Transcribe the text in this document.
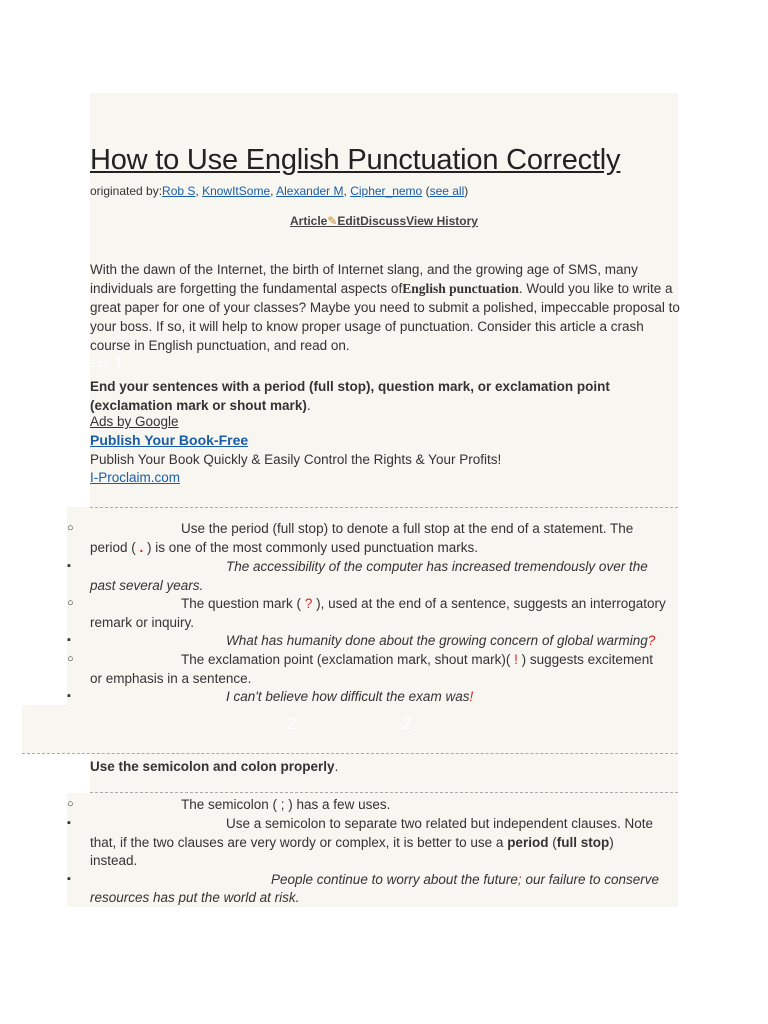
How to Use English Punctuation Correctly
originated by:Rob S, KnowItSome, Alexander M, Cipher_nemo (see all)
Article✎EditDiscussView History
With the dawn of the Internet, the birth of Internet slang, and the growing age of SMS, many individuals are forgetting the fundamental aspects ofEnglish punctuation. Would you like to write a great paper for one of your classes? Maybe you need to submit a polished, impeccable proposal to your boss. If so, it will help to know proper usage of punctuation. Consider this article a crash course in English punctuation, and read on.
Edit 1
End your sentences with a period (full stop), question mark, or exclamation point (exclamation mark or shout mark).
Ads by Google
Publish Your Book-Free
Publish Your Book Quickly & Easily Control the Rights & Your Profits!
I-Proclaim.com
○	Use the period (full stop) to denote a full stop at the end of a statement. The
period ( . ) is one of the most commonly used punctuation marks.
▪	The accessibility of the computer has increased tremendously over the
past several years.
○	The question mark ( ? ), used at the end of a sentence, suggests an interrogatory
remark or inquiry.
▪	What has humanity done about the growing concern of global warming?
○	The exclamation point (exclamation mark, shout mark)( ! ) suggests excitement
or emphasis in a sentence.
▪	I can't believe how difficult the exam was!
2.	2
Use the semicolon and colon properly.
○	The semicolon ( ; ) has a few uses.
▪	Use a semicolon to separate two related but independent clauses. Note
that, if the two clauses are very wordy or complex, it is better to use a period (full stop)
instead.
▪	People continue to worry about the future; our failure to conserve
resources has put the world at risk.
